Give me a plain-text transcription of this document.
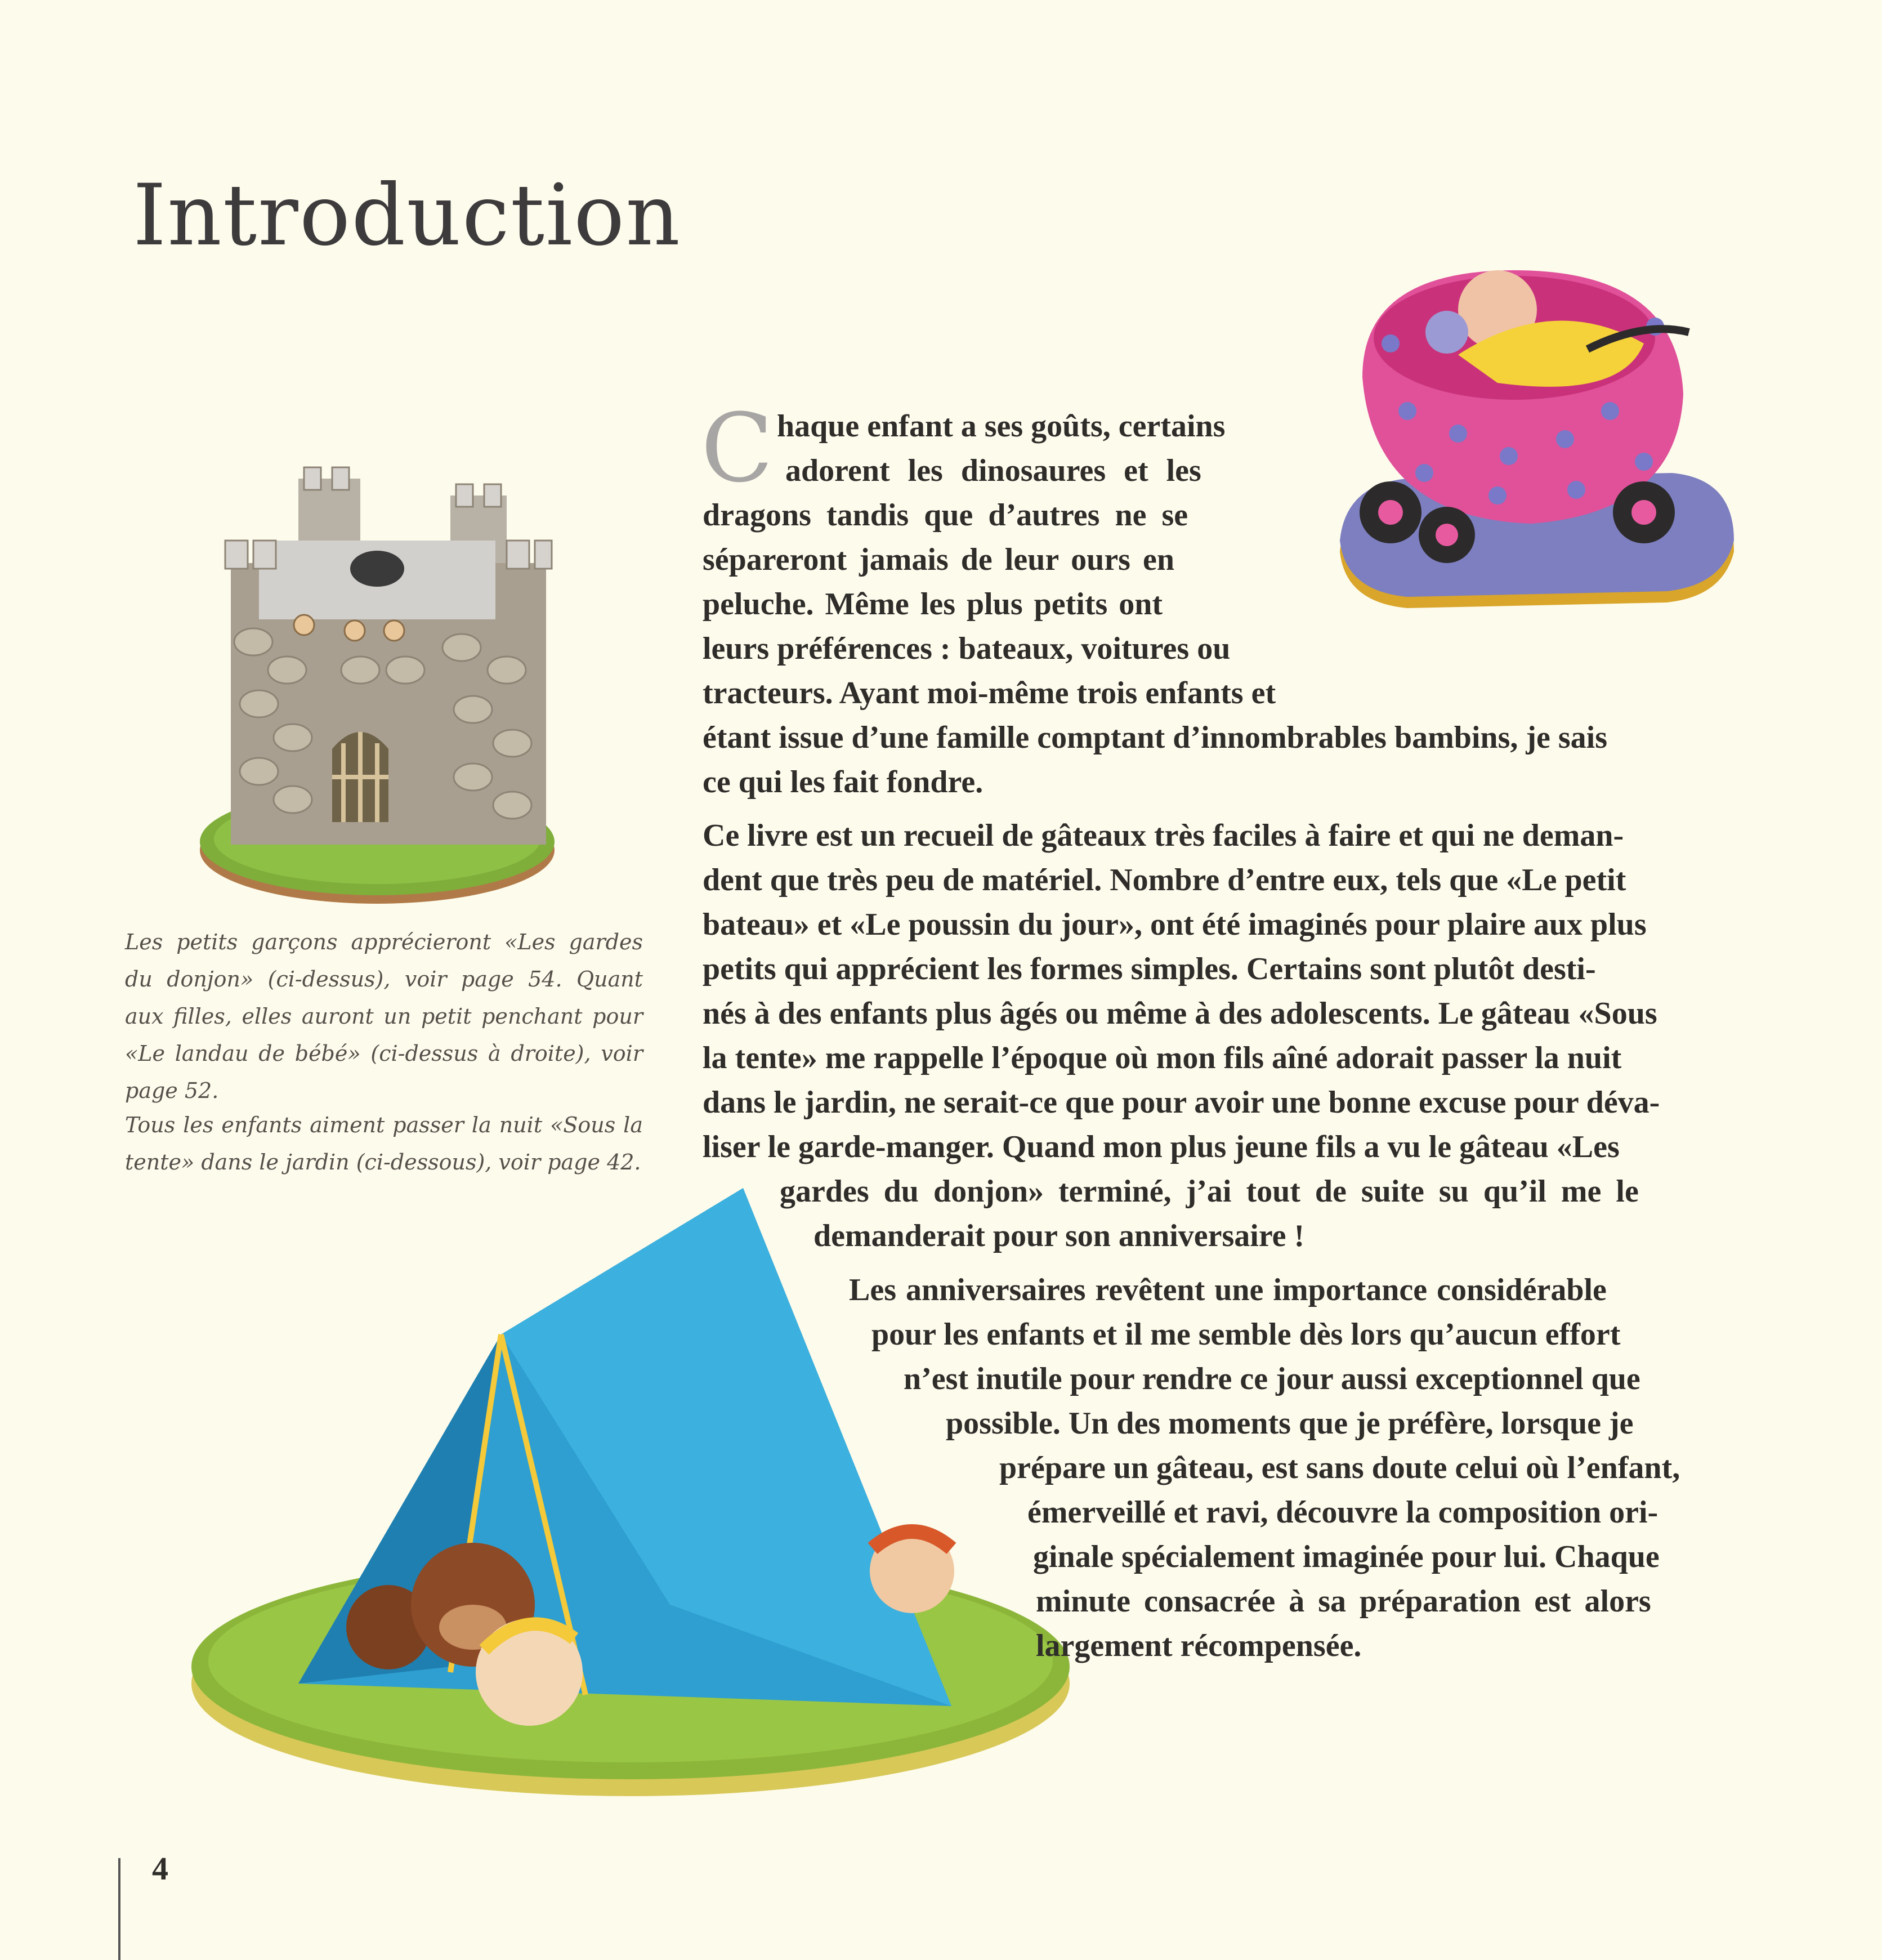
Introduction
Les petits garçons apprécieront «Les gardes du donjon» (ci-dessus), voir page 54. Quant aux filles, elles auront un petit penchant pour «Le landau de bébé» (ci-dessus à droite), voir page 52.
Tous les enfants aiment passer la nuit «Sous la tente» dans le jardin (ci-dessous), voir page 42.
C haque enfant a ses goûts, certains
adorent les dinosaures et les
dragons tandis que d’autres ne se
sépareront jamais de leur ours en
peluche. Même les plus petits ont
leurs préférences : bateaux, voitures ou
tracteurs. Ayant moi-même trois enfants et
étant issue d’une famille comptant d’innombrables bambins, je sais
ce qui les fait fondre.
Ce livre est un recueil de gâteaux très faciles à faire et qui ne deman-
dent que très peu de matériel. Nombre d’entre eux, tels que «Le petit
bateau» et «Le poussin du jour», ont été imaginés pour plaire aux plus
petits qui apprécient les formes simples. Certains sont plutôt desti-
nés à des enfants plus âgés ou même à des adolescents. Le gâteau «Sous
la tente» me rappelle l’époque où mon fils aîné adorait passer la nuit
dans le jardin, ne serait-ce que pour avoir une bonne excuse pour déva-
liser le garde-manger. Quand mon plus jeune fils a vu le gâteau «Les
gardes du donjon» terminé, j’ai tout de suite su qu’il me le
demanderait pour son anniversaire !
Les anniversaires revêtent une importance considérable
pour les enfants et il me semble dès lors qu’aucun effort
n’est inutile pour rendre ce jour aussi exceptionnel que
possible. Un des moments que je préfère, lorsque je
prépare un gâteau, est sans doute celui où l’enfant,
émerveillé et ravi, découvre la composition ori-
ginale spécialement imaginée pour lui. Chaque
minute consacrée à sa préparation est alors
largement récompensée.
4
